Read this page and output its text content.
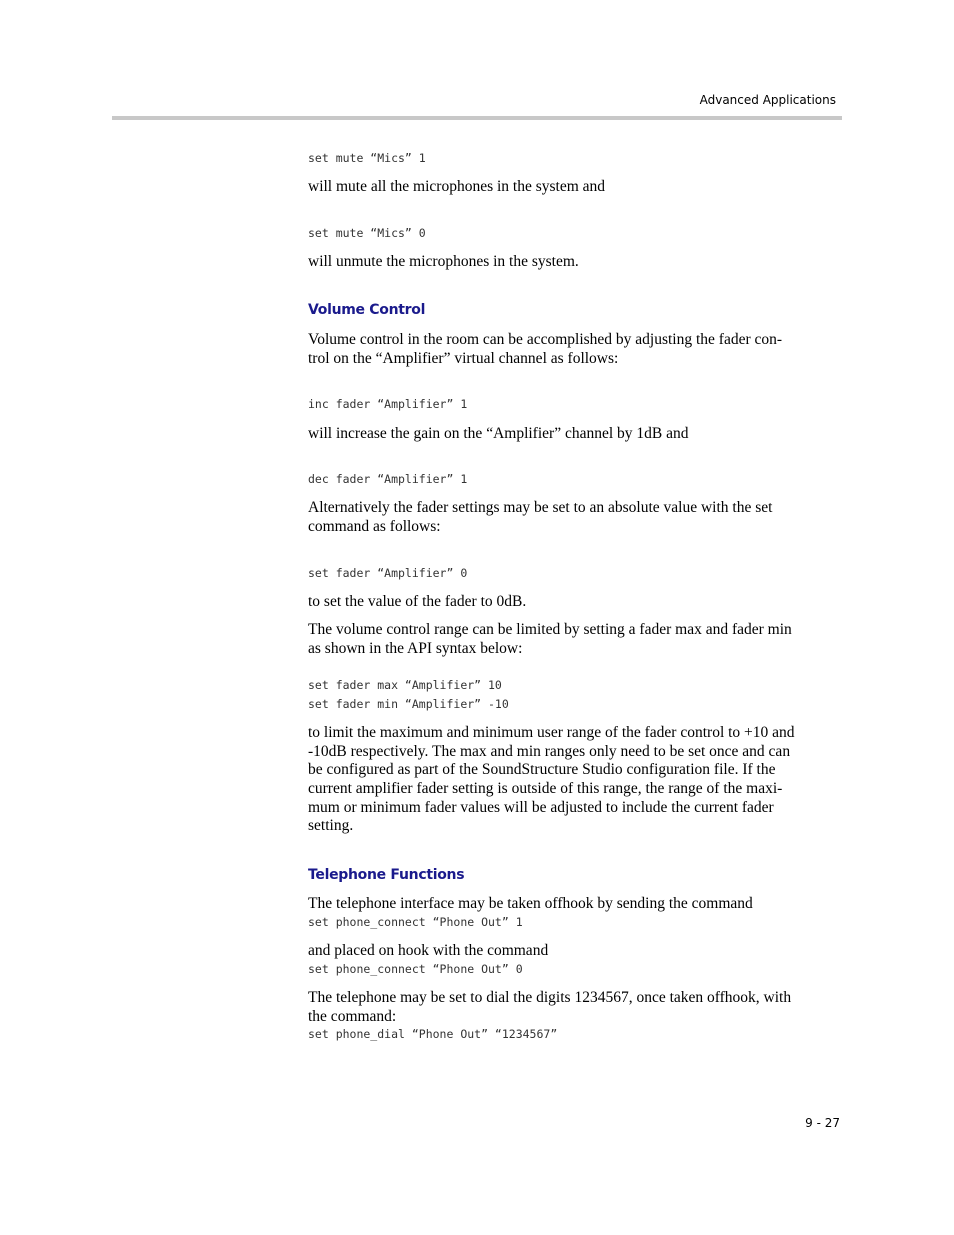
Advanced Applications
set mute “Mics” 1
will mute all the microphones in the system and
set mute “Mics” 0
will unmute the microphones in the system.
Volume Control
Volume control in the room can be accomplished by adjusting the fader con-
trol on the “Amplifier” virtual channel as follows:
inc fader “Amplifier” 1
will increase the gain on the “Amplifier” channel by 1dB and
dec fader “Amplifier” 1
Alternatively the fader settings may be set to an absolute value with the set
command as follows:
set fader “Amplifier” 0
to set the value of the fader to 0dB.
The volume control range can be limited by setting a fader max and fader min
as shown in the API syntax below:
set fader max “Amplifier” 10
set fader min “Amplifier” -10
to limit the maximum and minimum user range of the fader control to +10 and
-10dB respectively. The max and min ranges only need to be set once and can
be configured as part of the SoundStructure Studio configuration file. If the
current amplifier fader setting is outside of this range, the range of the maxi-
mum or minimum fader values will be adjusted to include the current fader
setting.
Telephone Functions
The telephone interface may be taken offhook by sending the command
set phone_connect “Phone Out” 1
and placed on hook with the command
set phone_connect “Phone Out” 0
The telephone may be set to dial the digits 1234567, once taken offhook, with
the command:
set phone_dial “Phone Out” “1234567”
9 - 27
